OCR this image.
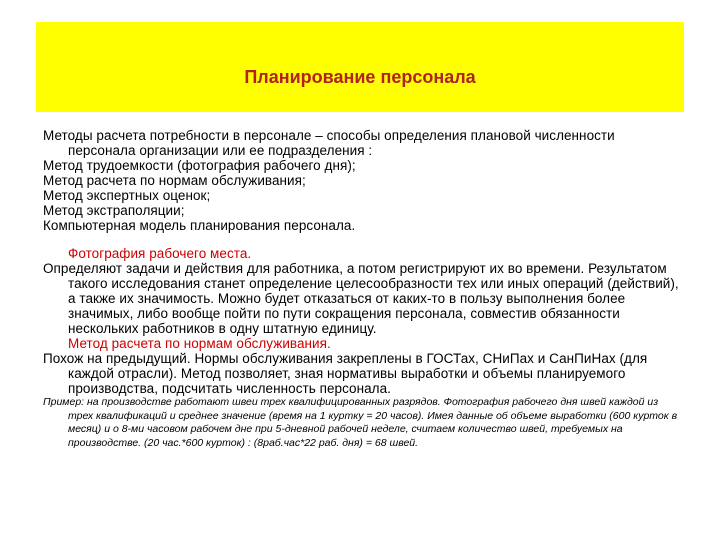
Планирование персонала

Методы расчета потребности в персонале – способы определения плановой численности персонала организации или ее подразделения :

Метод трудоемкости (фотография рабочего дня);

Метод расчета по нормам обслуживания;

Метод экспертных оценок;

Метод экстраполяции;

Компьютерная модель планирования персонала.

Фотография рабочего места.

Определяют задачи и действия для работника, а потом регистрируют их во времени. Результатом такого исследования станет определение целесообразности тех или иных операций (действий), а также их значимость. Можно будет отказаться от каких-то в пользу выполнения более значимых, либо вообще пойти по пути сокращения персонала, совместив обязанности нескольких работников в одну штатную единицу.

Метод расчета по нормам обслуживания.

Похож на предыдущий. Нормы обслуживания закреплены в ГОСТах, СНиПах и СанПиНах (для каждой отрасли). Метод позволяет, зная нормативы выработки и объемы планируемого производства, подсчитать численность персонала.

Пример: на производстве работают швеи трех квалифицированных разрядов. Фотография рабочего дня швей каждой из трех квалификаций и среднее значение (время на 1 куртку = 20 часов). Имея данные об объеме выработки (600 курток в месяц) и о 8-ми часовом рабочем дне при 5-дневной рабочей неделе, считаем количество швей, требуемых на производстве. (20 час.*600 курток) : (8раб.час*22 раб. дня) = 68 швей.
